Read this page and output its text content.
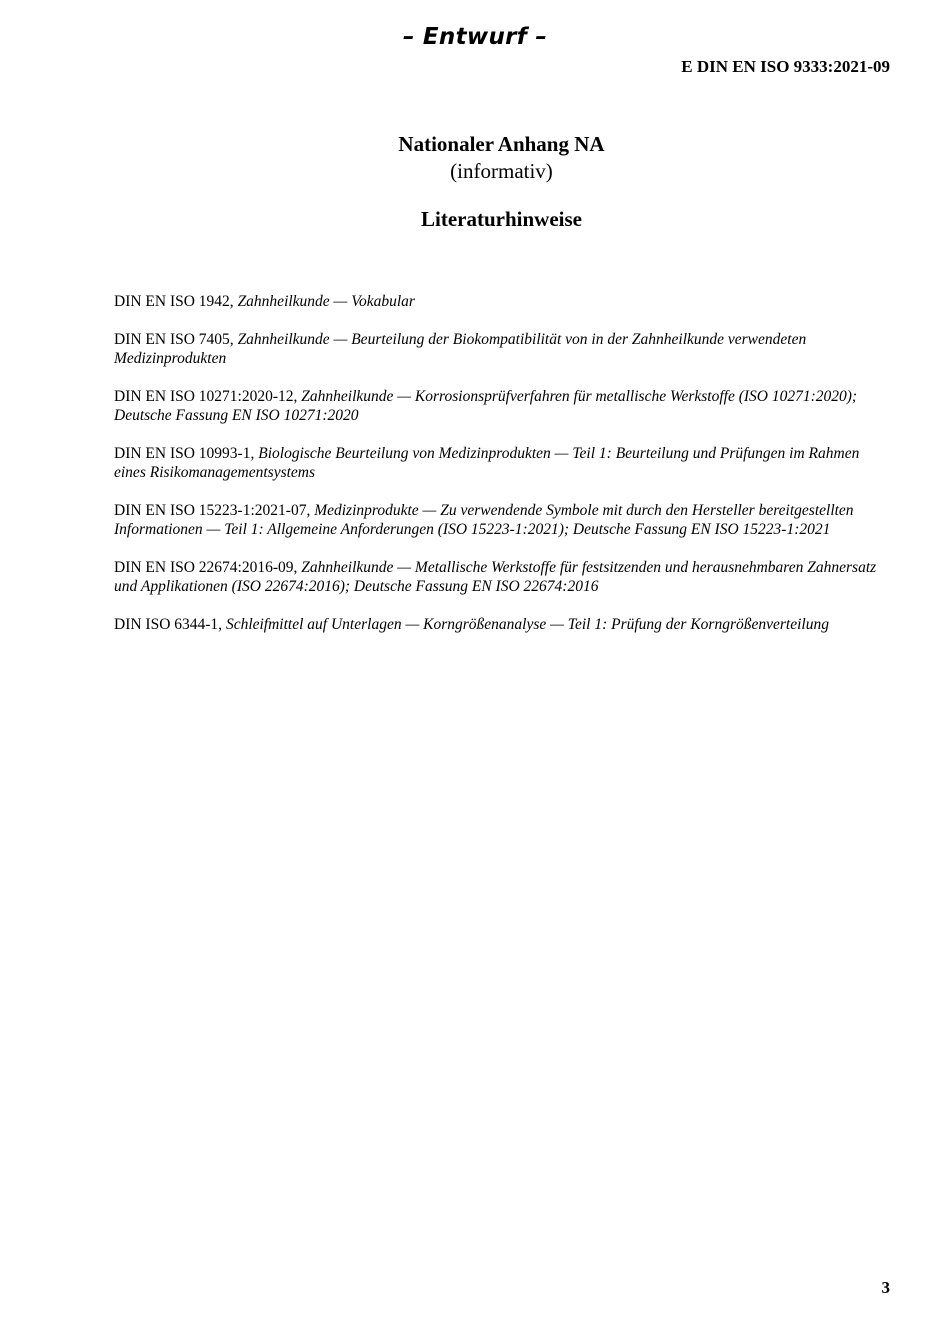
– Entwurf –
E DIN EN ISO 9333:2021-09
Nationaler Anhang NA
(informativ)
Literaturhinweise

DIN EN ISO 1942, Zahnheilkunde — Vokabular

DIN EN ISO 7405, Zahnheilkunde — Beurteilung der Biokompatibilität von in der Zahnheilkunde verwendeten Medizinprodukten

DIN EN ISO 10271:2020-12, Zahnheilkunde — Korrosionsprüfverfahren für metallische Werkstoffe (ISO 10271:2020); Deutsche Fassung EN ISO 10271:2020

DIN EN ISO 10993-1, Biologische Beurteilung von Medizinprodukten — Teil 1: Beurteilung und Prüfungen im Rahmen eines Risikomanagementsystems

DIN EN ISO 15223-1:2021-07, Medizinprodukte — Zu verwendende Symbole mit durch den Hersteller bereitgestellten Informationen — Teil 1: Allgemeine Anforderungen (ISO 15223-1:2021); Deutsche Fassung EN ISO 15223-1:2021

DIN EN ISO 22674:2016-09, Zahnheilkunde — Metallische Werkstoffe für festsitzenden und herausnehmbaren Zahnersatz und Applikationen (ISO 22674:2016); Deutsche Fassung EN ISO 22674:2016

DIN ISO 6344-1, Schleifmittel auf Unterlagen — Korngrößenanalyse — Teil 1: Prüfung der Korngrößenverteilung

3
